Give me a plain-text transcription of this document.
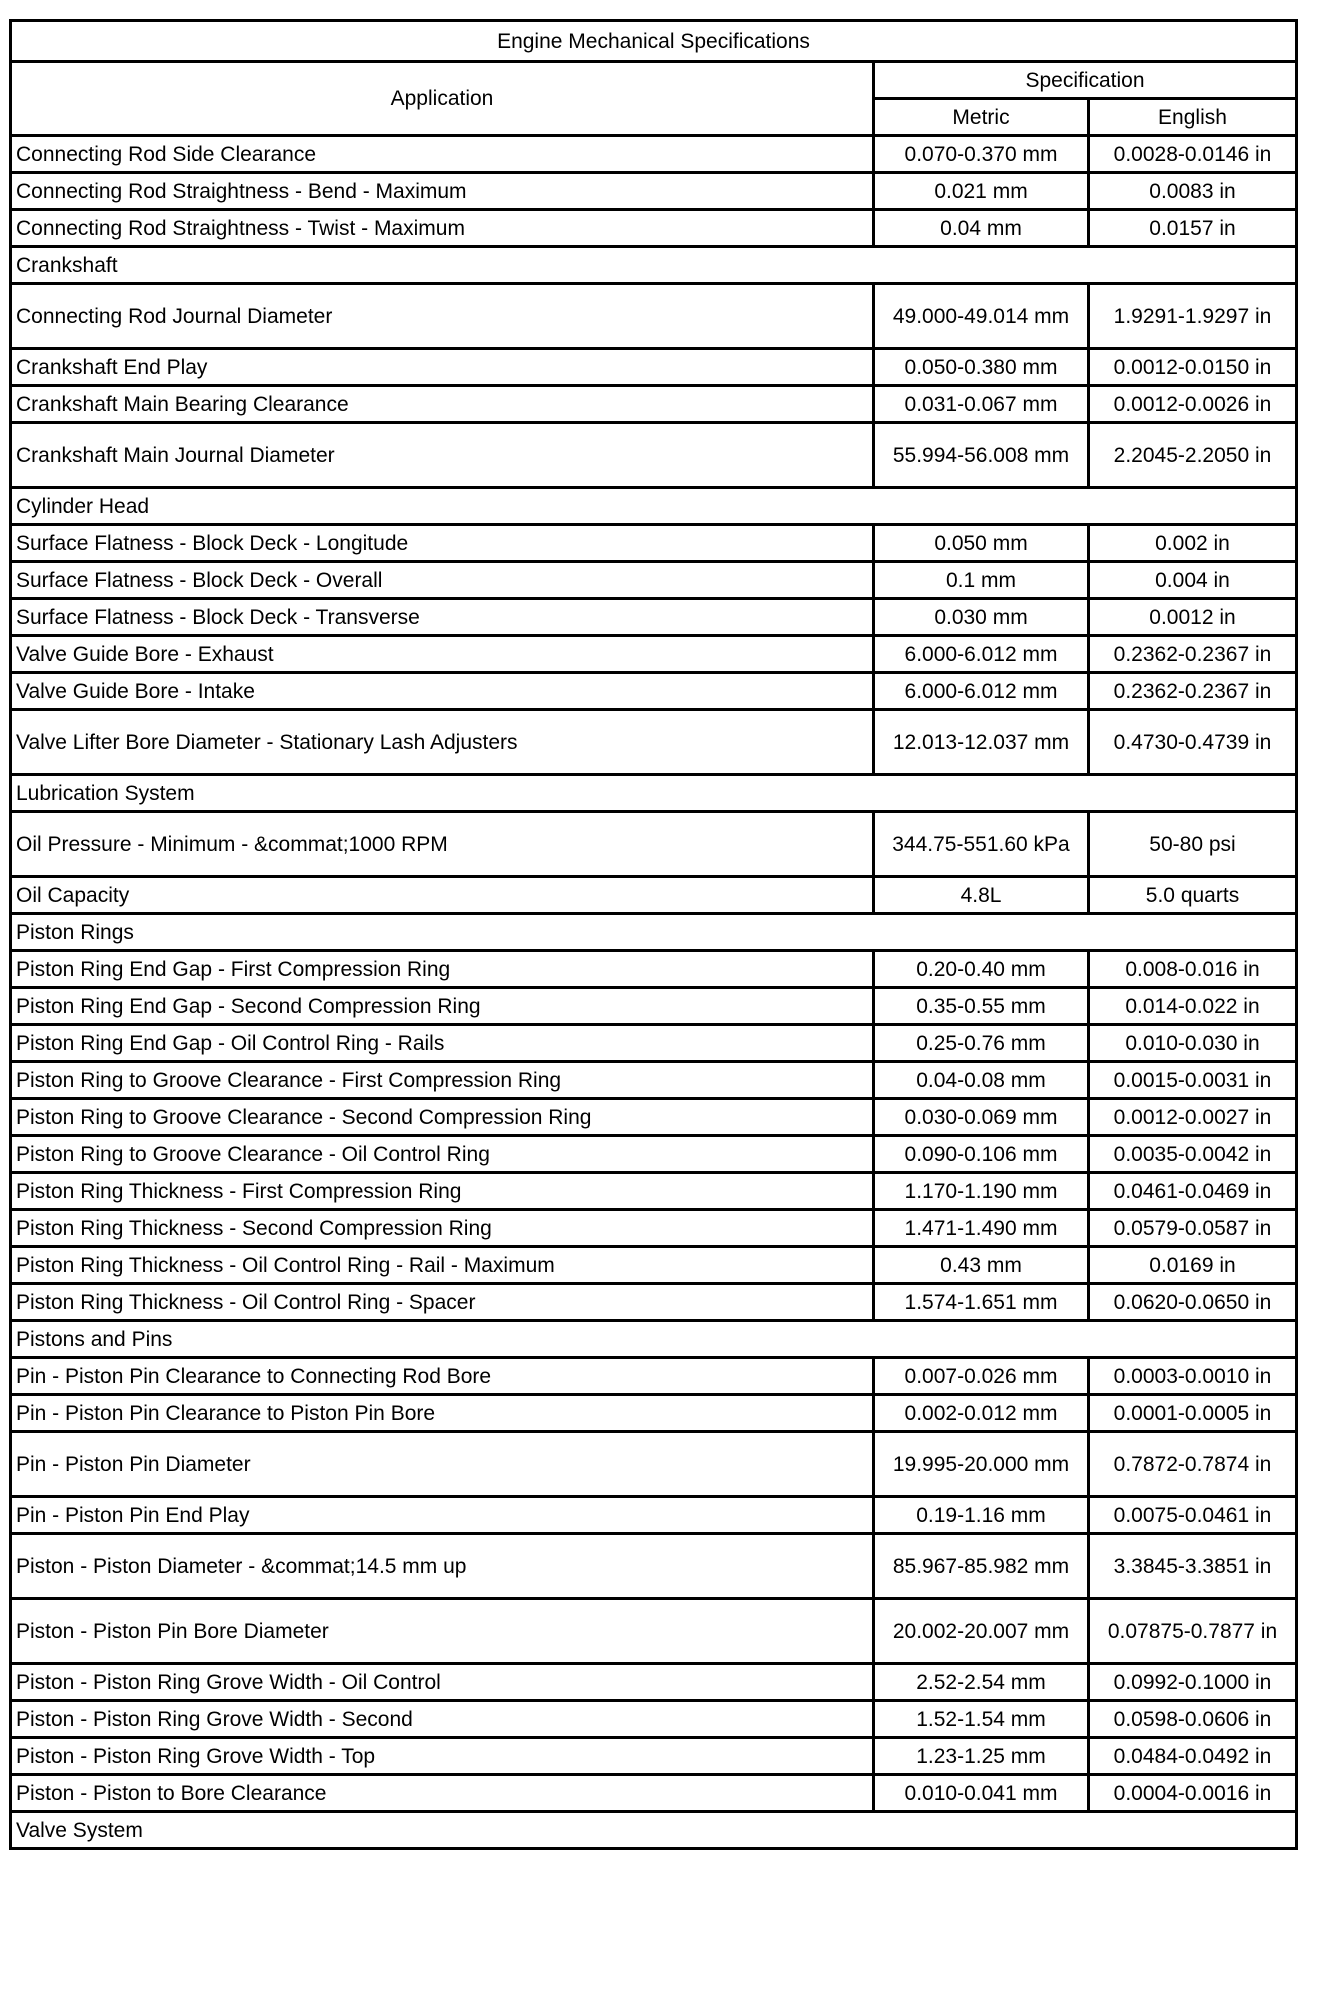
Engine Mechanical Specifications		
Application	Specification	
	Metric	English
Connecting Rod Side Clearance	0.070-0.370 mm	0.0028-0.0146 in
Connecting Rod Straightness - Bend - Maximum	0.021 mm	0.0083 in
Connecting Rod Straightness - Twist - Maximum	0.04 mm	0.0157 in
Crankshaft		
Connecting Rod Journal Diameter	49.000-49.014 mm	1.9291-1.9297 in
Crankshaft End Play	0.050-0.380 mm	0.0012-0.0150 in
Crankshaft Main Bearing Clearance	0.031-0.067 mm	0.0012-0.0026 in
Crankshaft Main Journal Diameter	55.994-56.008 mm	2.2045-2.2050 in
Cylinder Head		
Surface Flatness - Block Deck - Longitude	0.050 mm	0.002 in
Surface Flatness - Block Deck - Overall	0.1 mm	0.004 in
Surface Flatness - Block Deck - Transverse	0.030 mm	0.0012 in
Valve Guide Bore - Exhaust	6.000-6.012 mm	0.2362-0.2367 in
Valve Guide Bore - Intake	6.000-6.012 mm	0.2362-0.2367 in
Valve Lifter Bore Diameter - Stationary Lash Adjusters	12.013-12.037 mm	0.4730-0.4739 in
Lubrication System		
Oil Pressure - Minimum - &commat;1000 RPM	344.75-551.60 kPa	50-80 psi
Oil Capacity	4.8L	5.0 quarts
Piston Rings		
Piston Ring End Gap - First Compression Ring	0.20-0.40 mm	0.008-0.016 in
Piston Ring End Gap - Second Compression Ring	0.35-0.55 mm	0.014-0.022 in
Piston Ring End Gap - Oil Control Ring - Rails	0.25-0.76 mm	0.010-0.030 in
Piston Ring to Groove Clearance - First Compression Ring	0.04-0.08 mm	0.0015-0.0031 in
Piston Ring to Groove Clearance - Second Compression Ring	0.030-0.069 mm	0.0012-0.0027 in
Piston Ring to Groove Clearance - Oil Control Ring	0.090-0.106 mm	0.0035-0.0042 in
Piston Ring Thickness - First Compression Ring	1.170-1.190 mm	0.0461-0.0469 in
Piston Ring Thickness - Second Compression Ring	1.471-1.490 mm	0.0579-0.0587 in
Piston Ring Thickness - Oil Control Ring - Rail - Maximum	0.43 mm	0.0169 in
Piston Ring Thickness - Oil Control Ring - Spacer	1.574-1.651 mm	0.0620-0.0650 in
Pistons and Pins		
Pin - Piston Pin Clearance to Connecting Rod Bore	0.007-0.026 mm	0.0003-0.0010 in
Pin - Piston Pin Clearance to Piston Pin Bore	0.002-0.012 mm	0.0001-0.0005 in
Pin - Piston Pin Diameter	19.995-20.000 mm	0.7872-0.7874 in
Pin - Piston Pin End Play	0.19-1.16 mm	0.0075-0.0461 in
Piston - Piston Diameter - &commat;14.5 mm up	85.967-85.982 mm	3.3845-3.3851 in
Piston - Piston Pin Bore Diameter	20.002-20.007 mm	0.07875-0.7877 in
Piston - Piston Ring Grove Width - Oil Control	2.52-2.54 mm	0.0992-0.1000 in
Piston - Piston Ring Grove Width - Second	1.52-1.54 mm	0.0598-0.0606 in
Piston - Piston Ring Grove Width - Top	1.23-1.25 mm	0.0484-0.0492 in
Piston - Piston to Bore Clearance	0.010-0.041 mm	0.0004-0.0016 in
Valve System		
